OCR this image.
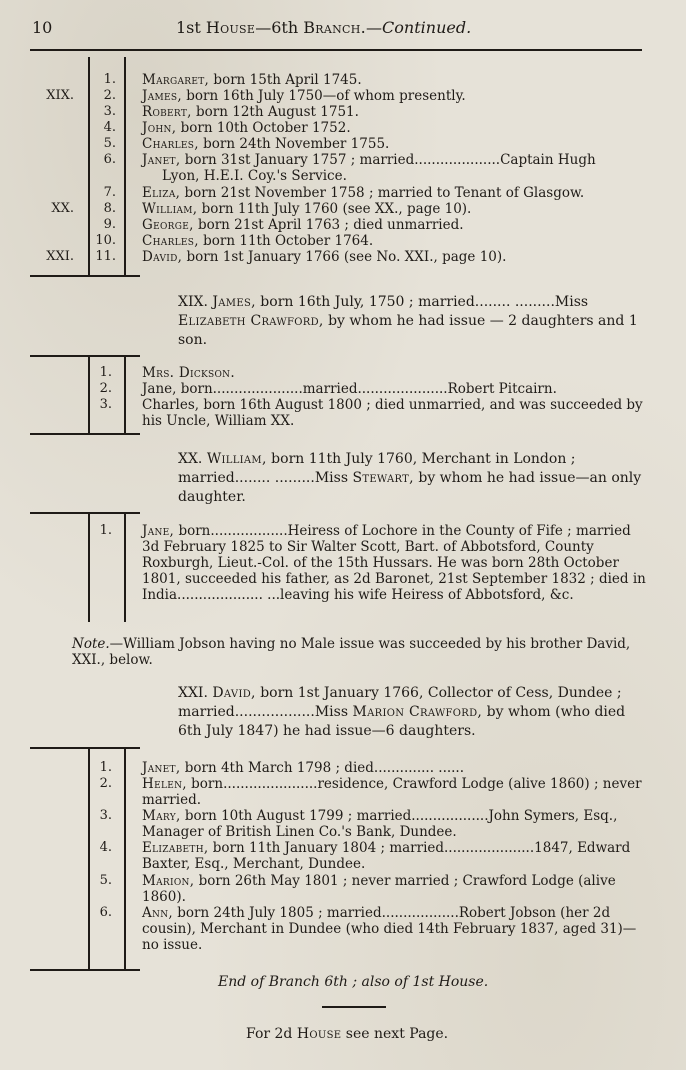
10	1st House—6th Branch.—Continued.
XIX.
XX.
XXI.
1.
2.
3.
4.
5.
6.
7.
8.
9.
10.
11.
Margaret, born 15th April 1745.
James, born 16th July 1750—of whom presently.
Robert, born 12th August 1751.
John, born 10th October 1752.
Charles, born 24th November 1755.
Janet, born 31st January 1757 ; married....................Captain Hugh
Lyon, H.E.I. Coy.'s Service.
Eliza, born 21st November 1758 ; married to Tenant of Glasgow.
William, born 11th July 1760 (see XX., page 10).
George, born 21st April 1763 ; died unmarried.
Charles, born 11th October 1764.
David, born 1st January 1766 (see No. XXI., page 10).
XIX. James, born 16th July, 1750 ; married........ .........Miss Elizabeth Crawford, by whom he had issue — 2 daughters and 1 son.
1.
2.
3.
Mrs. Dickson.
Jane, born.....................married.....................Robert Pitcairn.
Charles, born 16th August 1800 ; died unmarried, and was succeeded by his Uncle, William XX.
XX. William, born 11th July 1760, Merchant in London ; married........ .........Miss Stewart, by whom he had issue—an only daughter.
1. Jane, born..................Heiress of Lochore in the County of Fife ; married 3d February 1825 to Sir Walter Scott, Bart. of Abbotsford, County Roxburgh, Lieut.-Col. of the 15th Hussars. He was born 28th October 1801, succeeded his father, as 2d Baronet, 21st September 1832 ; died in India.................... ...leaving his wife Heiress of Abbotsford, &c.
Note.—William Jobson having no Male issue was succeeded by his brother David, XXI., below.
XXI. David, born 1st January 1766, Collector of Cess, Dundee ; married..................Miss Marion Crawford, by whom (who died 6th July 1847) he had issue—6 daughters.
1.
2.
3.
4.
5.
6.
Janet, born 4th March 1798 ; died.............. ......
Helen, born......................residence, Crawford Lodge (alive 1860) ; never married.
Mary, born 10th August 1799 ; married..................John Symers, Esq., Manager of British Linen Co.'s Bank, Dundee.
Elizabeth, born 11th January 1804 ; married.....................1847, Edward Baxter, Esq., Merchant, Dundee.
Marion, born 26th May 1801 ; never married ; Crawford Lodge (alive 1860).
Ann, born 24th July 1805 ; married..................Robert Jobson (her 2d cousin), Merchant in Dundee (who died 14th February 1837, aged 31)—no issue.
End of Branch 6th ; also of 1st House.
For 2d House see next Page.
